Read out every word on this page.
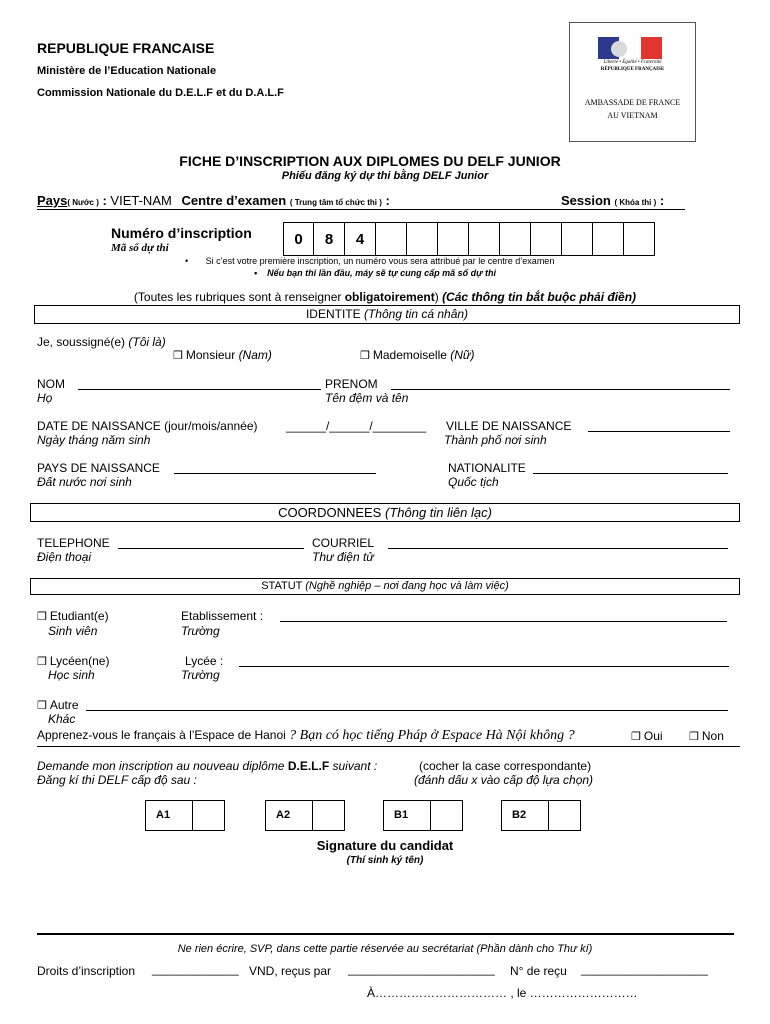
REPUBLIQUE FRANCAISE
Ministère de l’Education Nationale
Commission Nationale du D.E.L.F et du D.A.L.F
Liberté • Égalité • Fraternité
RÉPUBLIQUE FRANÇAISE
AMBASSADE DE FRANCE
AU VIETNAM
FICHE D’INSCRIPTION AUX DIPLOMES DU DELF JUNIOR
Phiếu đăng ký dự thi bằng DELF Junior
Pays( Nước ) : VIET-NAM Centre d’examen ( Trung tâm tổ chức thi ) :	Session ( Khóa thi ) :
Numéro d’inscription
Mã số dự thi	0	8	4
•       Si c’est votre première inscription, un numéro vous sera attribué par le centre d’examen
•    Nếu bạn thi lần đầu, máy sẽ tự cung cấp mã số dự thi
(Toutes les rubriques sont à renseigner obligatoirement) (Các thông tin bắt buộc phải điền)
IDENTITE (Thông tin cá nhân)
Je, soussigné(e) (Tôi là)
❒ Monsieur (Nam)	❒ Mademoiselle (Nữ)
NOM
Họ
PRENOM
Tên đệm và tên
DATE DE NAISSANCE (jour/mois/année)
Ngày tháng năm sinh
______/______/________ VILLE DE NAISSANCE
Thành phố nơi sinh
PAYS DE NAISSANCE
Đất nước nơi sinh
NATIONALITE
Quốc tịch
COORDONNEES (Thông tin liên lạc)
TELEPHONE
Điện thoại
COURRIEL
Thư điện tử
STATUT (Nghề nghiệp – nơi đang học và làm việc)
❒ Etudiant(e)
Sinh viên
Etablissement :
Trường
❒ Lycéen(ne)
Học sinh
Lycée :
Trường
❒ Autre
Khác
Apprenez-vous le français à l’Espace de Hanoi ? Bạn có học tiếng Pháp ở Espace Hà Nội không ?	❒ Oui ❒ Non
Demande mon inscription au nouveau diplôme D.E.L.F suivant :	(cocher la case correspondante)
Đăng kí thi DELF cấp độ sau :	(đánh dấu x vào cấp độ lựa chọn)
A1	A2	B1	B2
Signature du candidat
(Thí sinh ký tên)
Ne rien écrire, SVP, dans cette partie réservée au secrétariat (Phần dành cho Thư kí)
Droits d’inscription _____________ VND, reçus par ______________________ N° de reçu ___________________
À…………………………… , le ………………………
